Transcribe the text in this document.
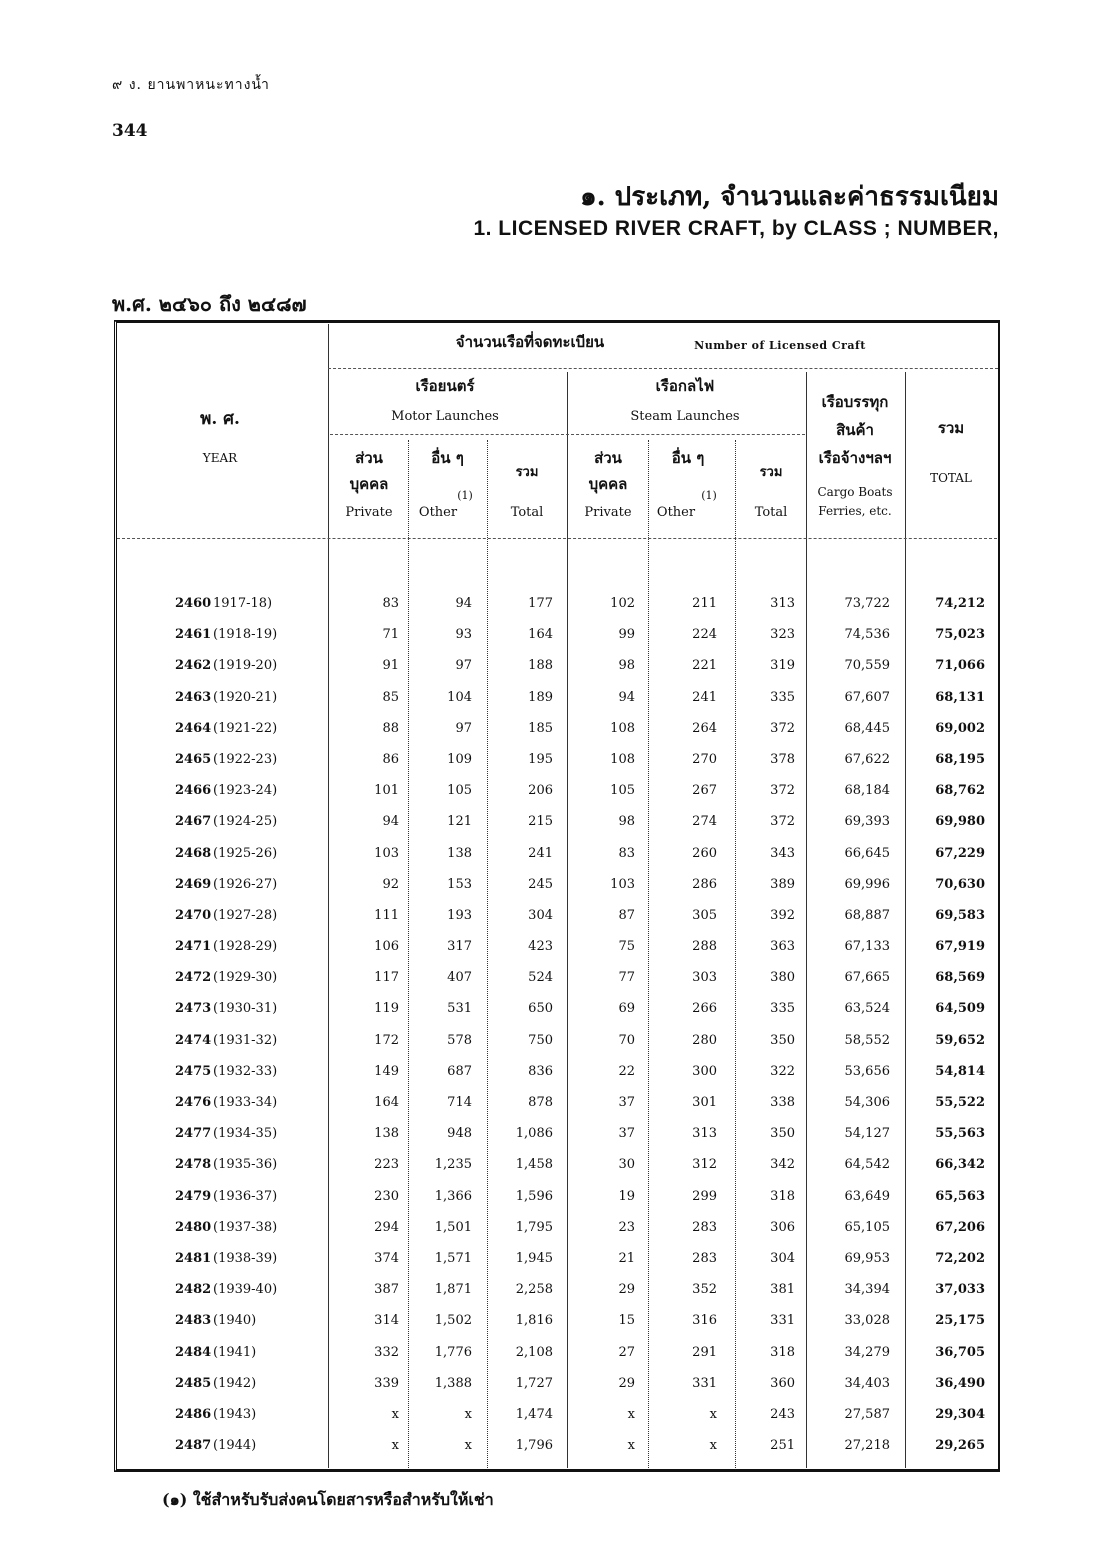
๙ ง. ยานพาหนะทางน้ำ
344
๑. ประเภท, จำนวนและค่าธรรมเนียม
1. LICENSED RIVER CRAFT, by CLASS ; NUMBER,
พ.ศ. ๒๔๖๐ ถึง ๒๔๘๗
จำนวนเรือที่จดทะเบียน	Number of Licensed Craft
พ. ศ.
YEAR
เรือยนตร์
Motor Launches
เรือกลไฟ
Steam Launches
เรือบรรทุก
สินค้า
เรือจ้างฯลฯ
Cargo Boats
Ferries, etc.
รวม
TOTAL
ส่วน
บุคคล
Private
อื่น ๆ
(1)
Other
รวม
Total
ส่วน
บุคคล
Private
อื่น ๆ
(1)
Other
รวม
Total
2460 1917-18)	83	94	177	102	211	313	73,722	74,212
2461 (1918-19)	71	93	164	99	224	323	74,536	75,023
2462 (1919-20)	91	97	188	98	221	319	70,559	71,066
2463 (1920-21)	85	104	189	94	241	335	67,607	68,131
2464 (1921-22)	88	97	185	108	264	372	68,445	69,002
2465 (1922-23)	86	109	195	108	270	378	67,622	68,195
2466 (1923-24)	101	105	206	105	267	372	68,184	68,762
2467 (1924-25)	94	121	215	98	274	372	69,393	69,980
2468 (1925-26)	103	138	241	83	260	343	66,645	67,229
2469 (1926-27)	92	153	245	103	286	389	69,996	70,630
2470 (1927-28)	111	193	304	87	305	392	68,887	69,583
2471 (1928-29)	106	317	423	75	288	363	67,133	67,919
2472 (1929-30)	117	407	524	77	303	380	67,665	68,569
2473 (1930-31)	119	531	650	69	266	335	63,524	64,509
2474 (1931-32)	172	578	750	70	280	350	58,552	59,652
2475 (1932-33)	149	687	836	22	300	322	53,656	54,814
2476 (1933-34)	164	714	878	37	301	338	54,306	55,522
2477 (1934-35)	138	948	1,086	37	313	350	54,127	55,563
2478 (1935-36)	223	1,235	1,458	30	312	342	64,542	66,342
2479 (1936-37)	230	1,366	1,596	19	299	318	63,649	65,563
2480 (1937-38)	294	1,501	1,795	23	283	306	65,105	67,206
2481 (1938-39)	374	1,571	1,945	21	283	304	69,953	72,202
2482 (1939-40)	387	1,871	2,258	29	352	381	34,394	37,033
2483 (1940)	314	1,502	1,816	15	316	331	33,028	25,175
2484 (1941)	332	1,776	2,108	27	291	318	34,279	36,705
2485 (1942)	339	1,388	1,727	29	331	360	34,403	36,490
2486 (1943)	x	x	1,474	x	x	243	27,587	29,304
2487 (1944)	x	x	1,796	x	x	251	27,218	29,265
(๑) ใช้สำหรับรับส่งคนโดยสารหรือสำหรับให้เช่า
